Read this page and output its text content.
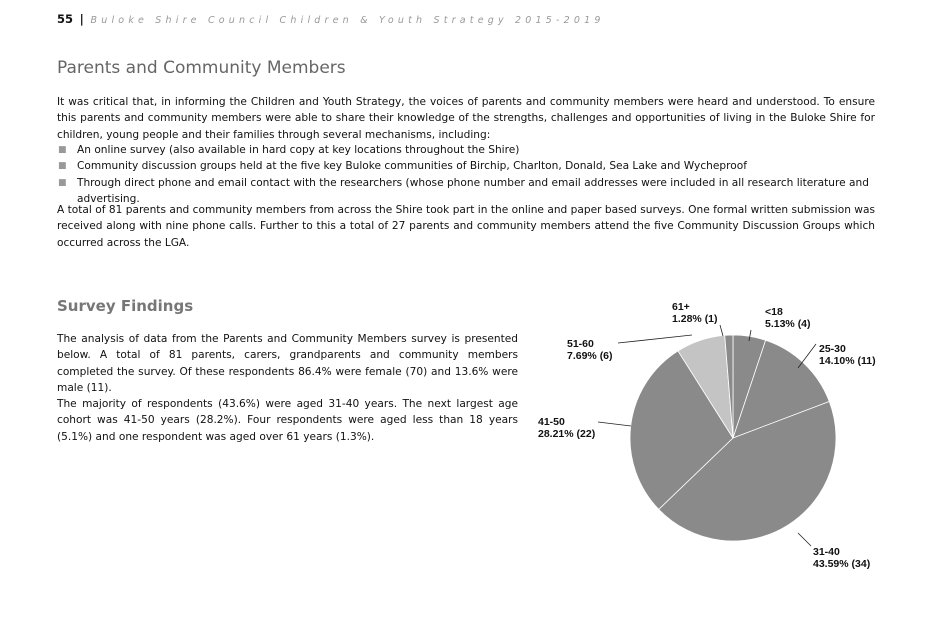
55 | Buloke Shire Council Children & Youth Strategy 2015-2019
Parents and Community Members

It was critical that, in informing the Children and Youth Strategy, the voices of parents and community members were heard and understood. To ensure this parents and community members were able to share their knowledge of the strengths, challenges and opportunities of living in the Buloke Shire for children, young people and their families through several mechanisms, including:

■ An online survey (also available in hard copy at key locations throughout the Shire)
■ Community discussion groups held at the five key Buloke communities of Birchip, Charlton, Donald, Sea Lake and Wycheproof
■ Through direct phone and email contact with the researchers (whose phone number and email addresses were included in all research literature and advertising.

A total of 81 parents and community members from across the Shire took part in the online and paper based surveys. One formal written submission was received along with nine phone calls. Further to this a total of 27 parents and community members attend the five Community Discussion Groups which occurred across the LGA.

Survey Findings

The analysis of data from the Parents and Community Members survey is presented below. A total of 81 parents, carers, grandparents and community members completed the survey. Of these respondents 86.4% were female (70) and 13.6% were male (11).

The majority of respondents (43.6%) were aged 31-40 years. The next largest age cohort was 41-50 years (28.2%). Four respondents were aged less than 18 years (5.1%) and one respondent was aged over 61 years (1.3%).

<18 5.13% (4)
25-30 14.10% (11)
31-40 43.59% (34)
41-50 28.21% (22)
51-60 7.69% (6)
61+ 1.28% (1)
